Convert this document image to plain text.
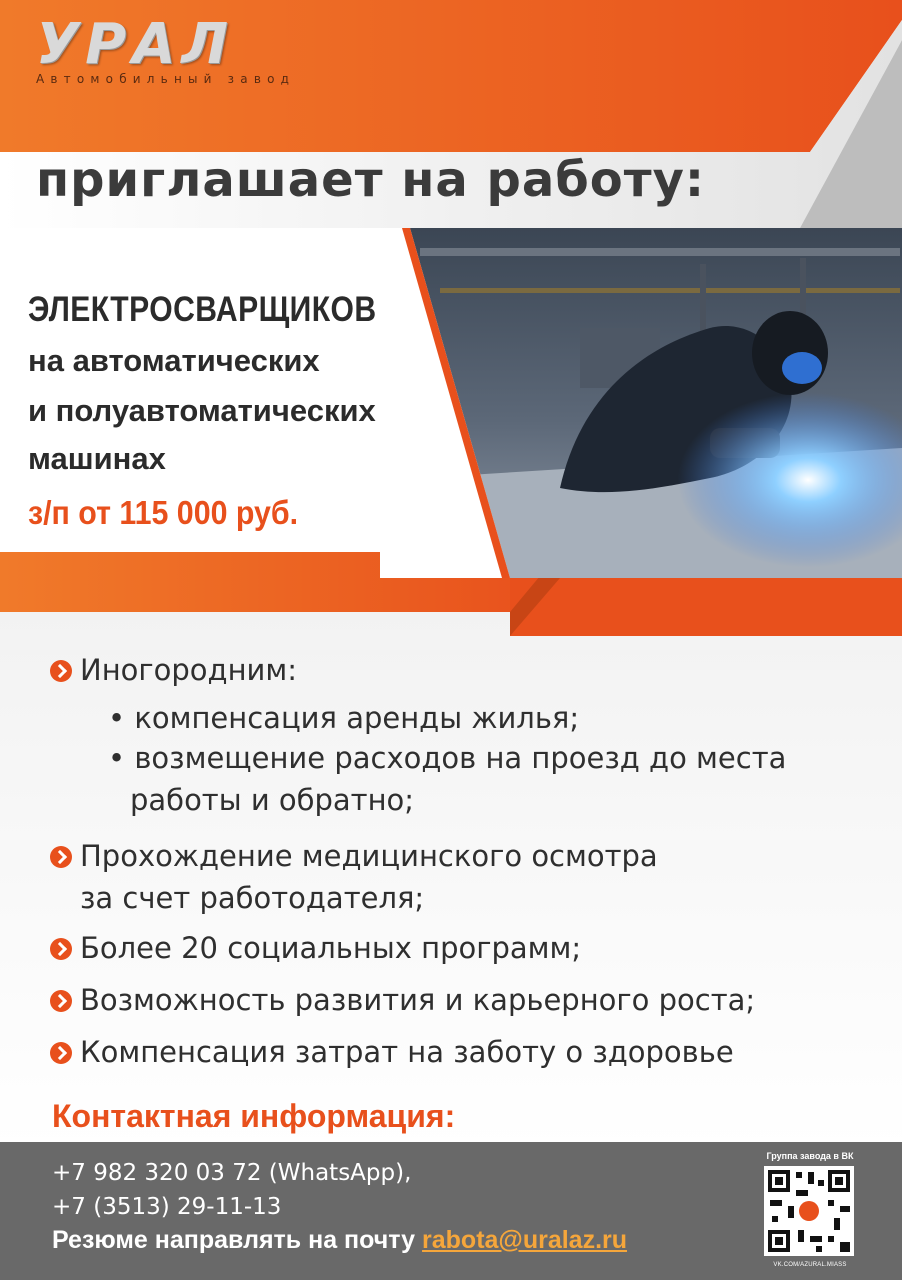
УРАЛ
Автомобильный завод
приглашает на работу:
ЭЛЕКТРОСВАРЩИКОВ
на автоматических
и полуавтоматических
машинах
з/п от 115 000 руб.
Иногородним:
• компенсация аренды жилья;
• возмещение расходов на проезд до места
работы и обратно;
Прохождение медицинского осмотра
за счет работодателя;
Более 20 социальных программ;
Возможность развития и карьерного роста;
Компенсация затрат на заботу о здоровье
Контактная информация:
+7 982 320 03 72 (WhatsApp),
+7 (3513) 29-11-13
Резюме направлять на почту rabota@uralaz.ru
Группа завода в ВК
VK.COM/AZURAL.MIASS
